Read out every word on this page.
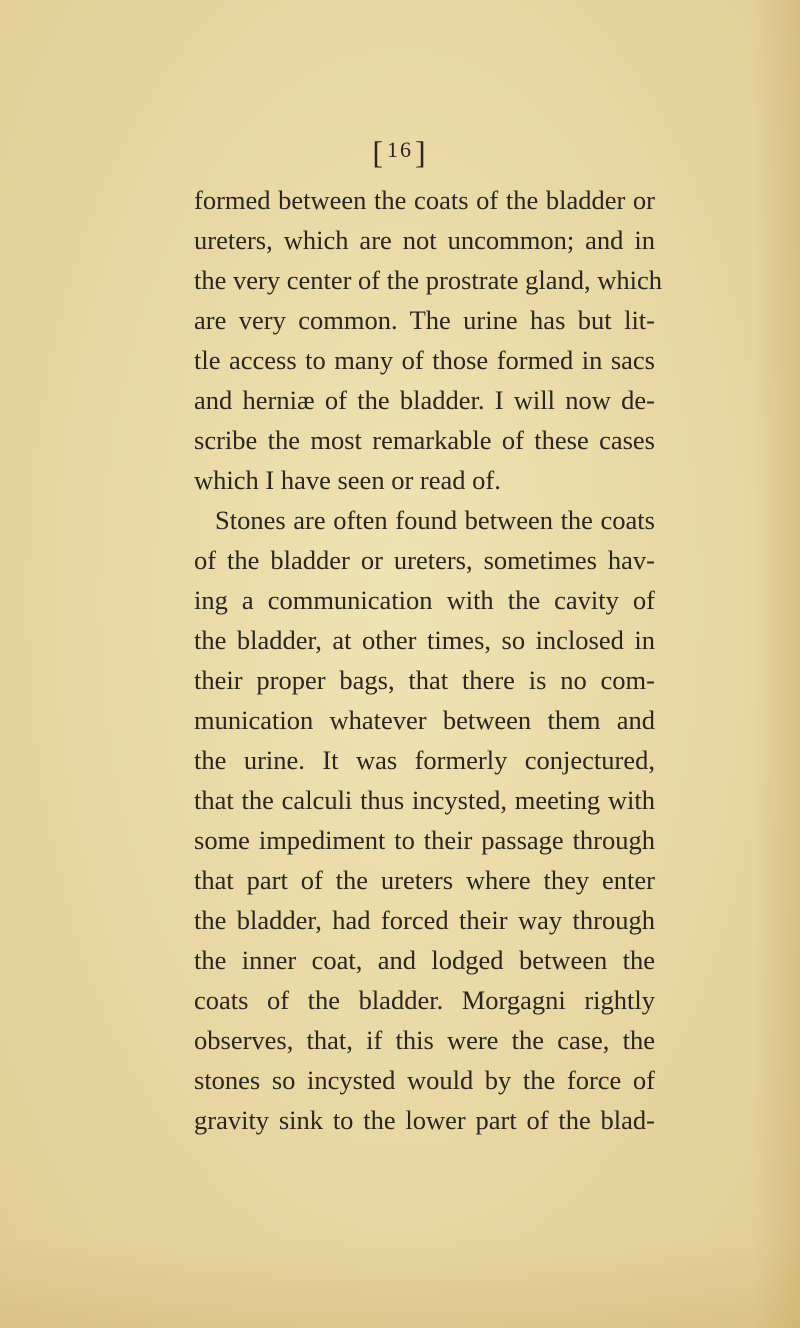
[16]
formed between the coats of the bladder or
ureters, which are not uncommon; and in
the very center of the prostrate gland, which
are very common. The urine has but lit-
tle access to many of those formed in sacs
and herniæ of the bladder. I will now de-
scribe the most remarkable of these cases
which I have seen or read of.
Stones are often found between the coats
of the bladder or ureters, sometimes hav-
ing a communication with the cavity of
the bladder, at other times, so inclosed in
their proper bags, that there is no com-
munication whatever between them and
the urine. It was formerly conjectured,
that the calculi thus incysted, meeting with
some impediment to their passage through
that part of the ureters where they enter
the bladder, had forced their way through
the inner coat, and lodged between the
coats of the bladder. Morgagni rightly
observes, that, if this were the case, the
stones so incysted would by the force of
gravity sink to the lower part of the blad-
